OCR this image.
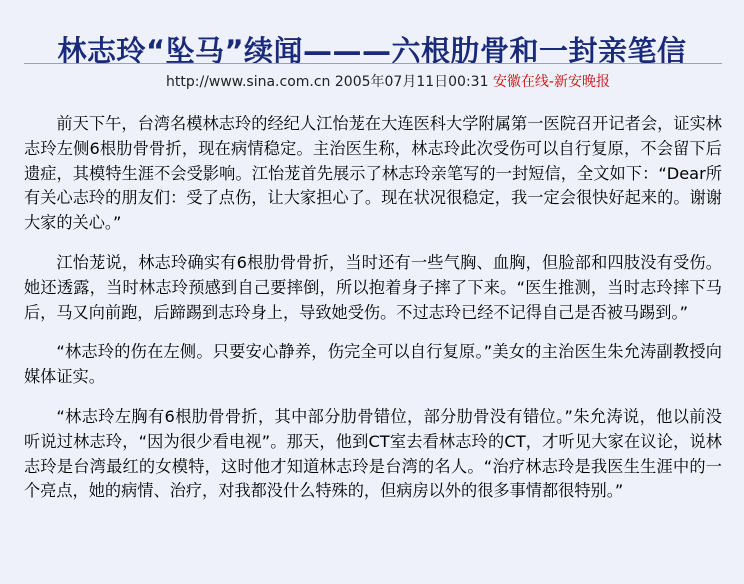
林志玲“坠马”续闻———六根肋骨和一封亲笔信
http://www.sina.com.cn 2005年07月11日00:31 安徽在线-新安晚报

前天下午，台湾名模林志玲的经纪人江怡茏在大连医科大学附属第一医院召开记者会，证实林志玲左侧6根肋骨骨折，现在病情稳定。主治医生称，林志玲此次受伤可以自行复原，不会留下后遗症，其模特生涯不会受影响。江怡茏首先展示了林志玲亲笔写的一封短信，全文如下：“Dear所有关心志玲的朋友们：受了点伤，让大家担心了。现在状况很稳定，我一定会很快好起来的。谢谢大家的关心。”

江怡茏说，林志玲确实有6根肋骨骨折，当时还有一些气胸、血胸，但脸部和四肢没有受伤。她还透露，当时林志玲预感到自己要摔倒，所以抱着身子摔了下来。“医生推测，当时志玲摔下马后，马又向前跑，后蹄踢到志玲身上，导致她受伤。不过志玲已经不记得自己是否被马踢到。”

“林志玲的伤在左侧。只要安心静养，伤完全可以自行复原。”美女的主治医生朱允涛副教授向媒体证实。

“林志玲左胸有6根肋骨骨折，其中部分肋骨错位，部分肋骨没有错位。”朱允涛说，他以前没听说过林志玲，“因为很少看电视”。那天，他到CT室去看林志玲的CT，才听见大家在议论，说林志玲是台湾最红的女模特，这时他才知道林志玲是台湾的名人。“治疗林志玲是我医生生涯中的一个亮点，她的病情、治疗，对我都没什么特殊的，但病房以外的很多事情都很特别。”
